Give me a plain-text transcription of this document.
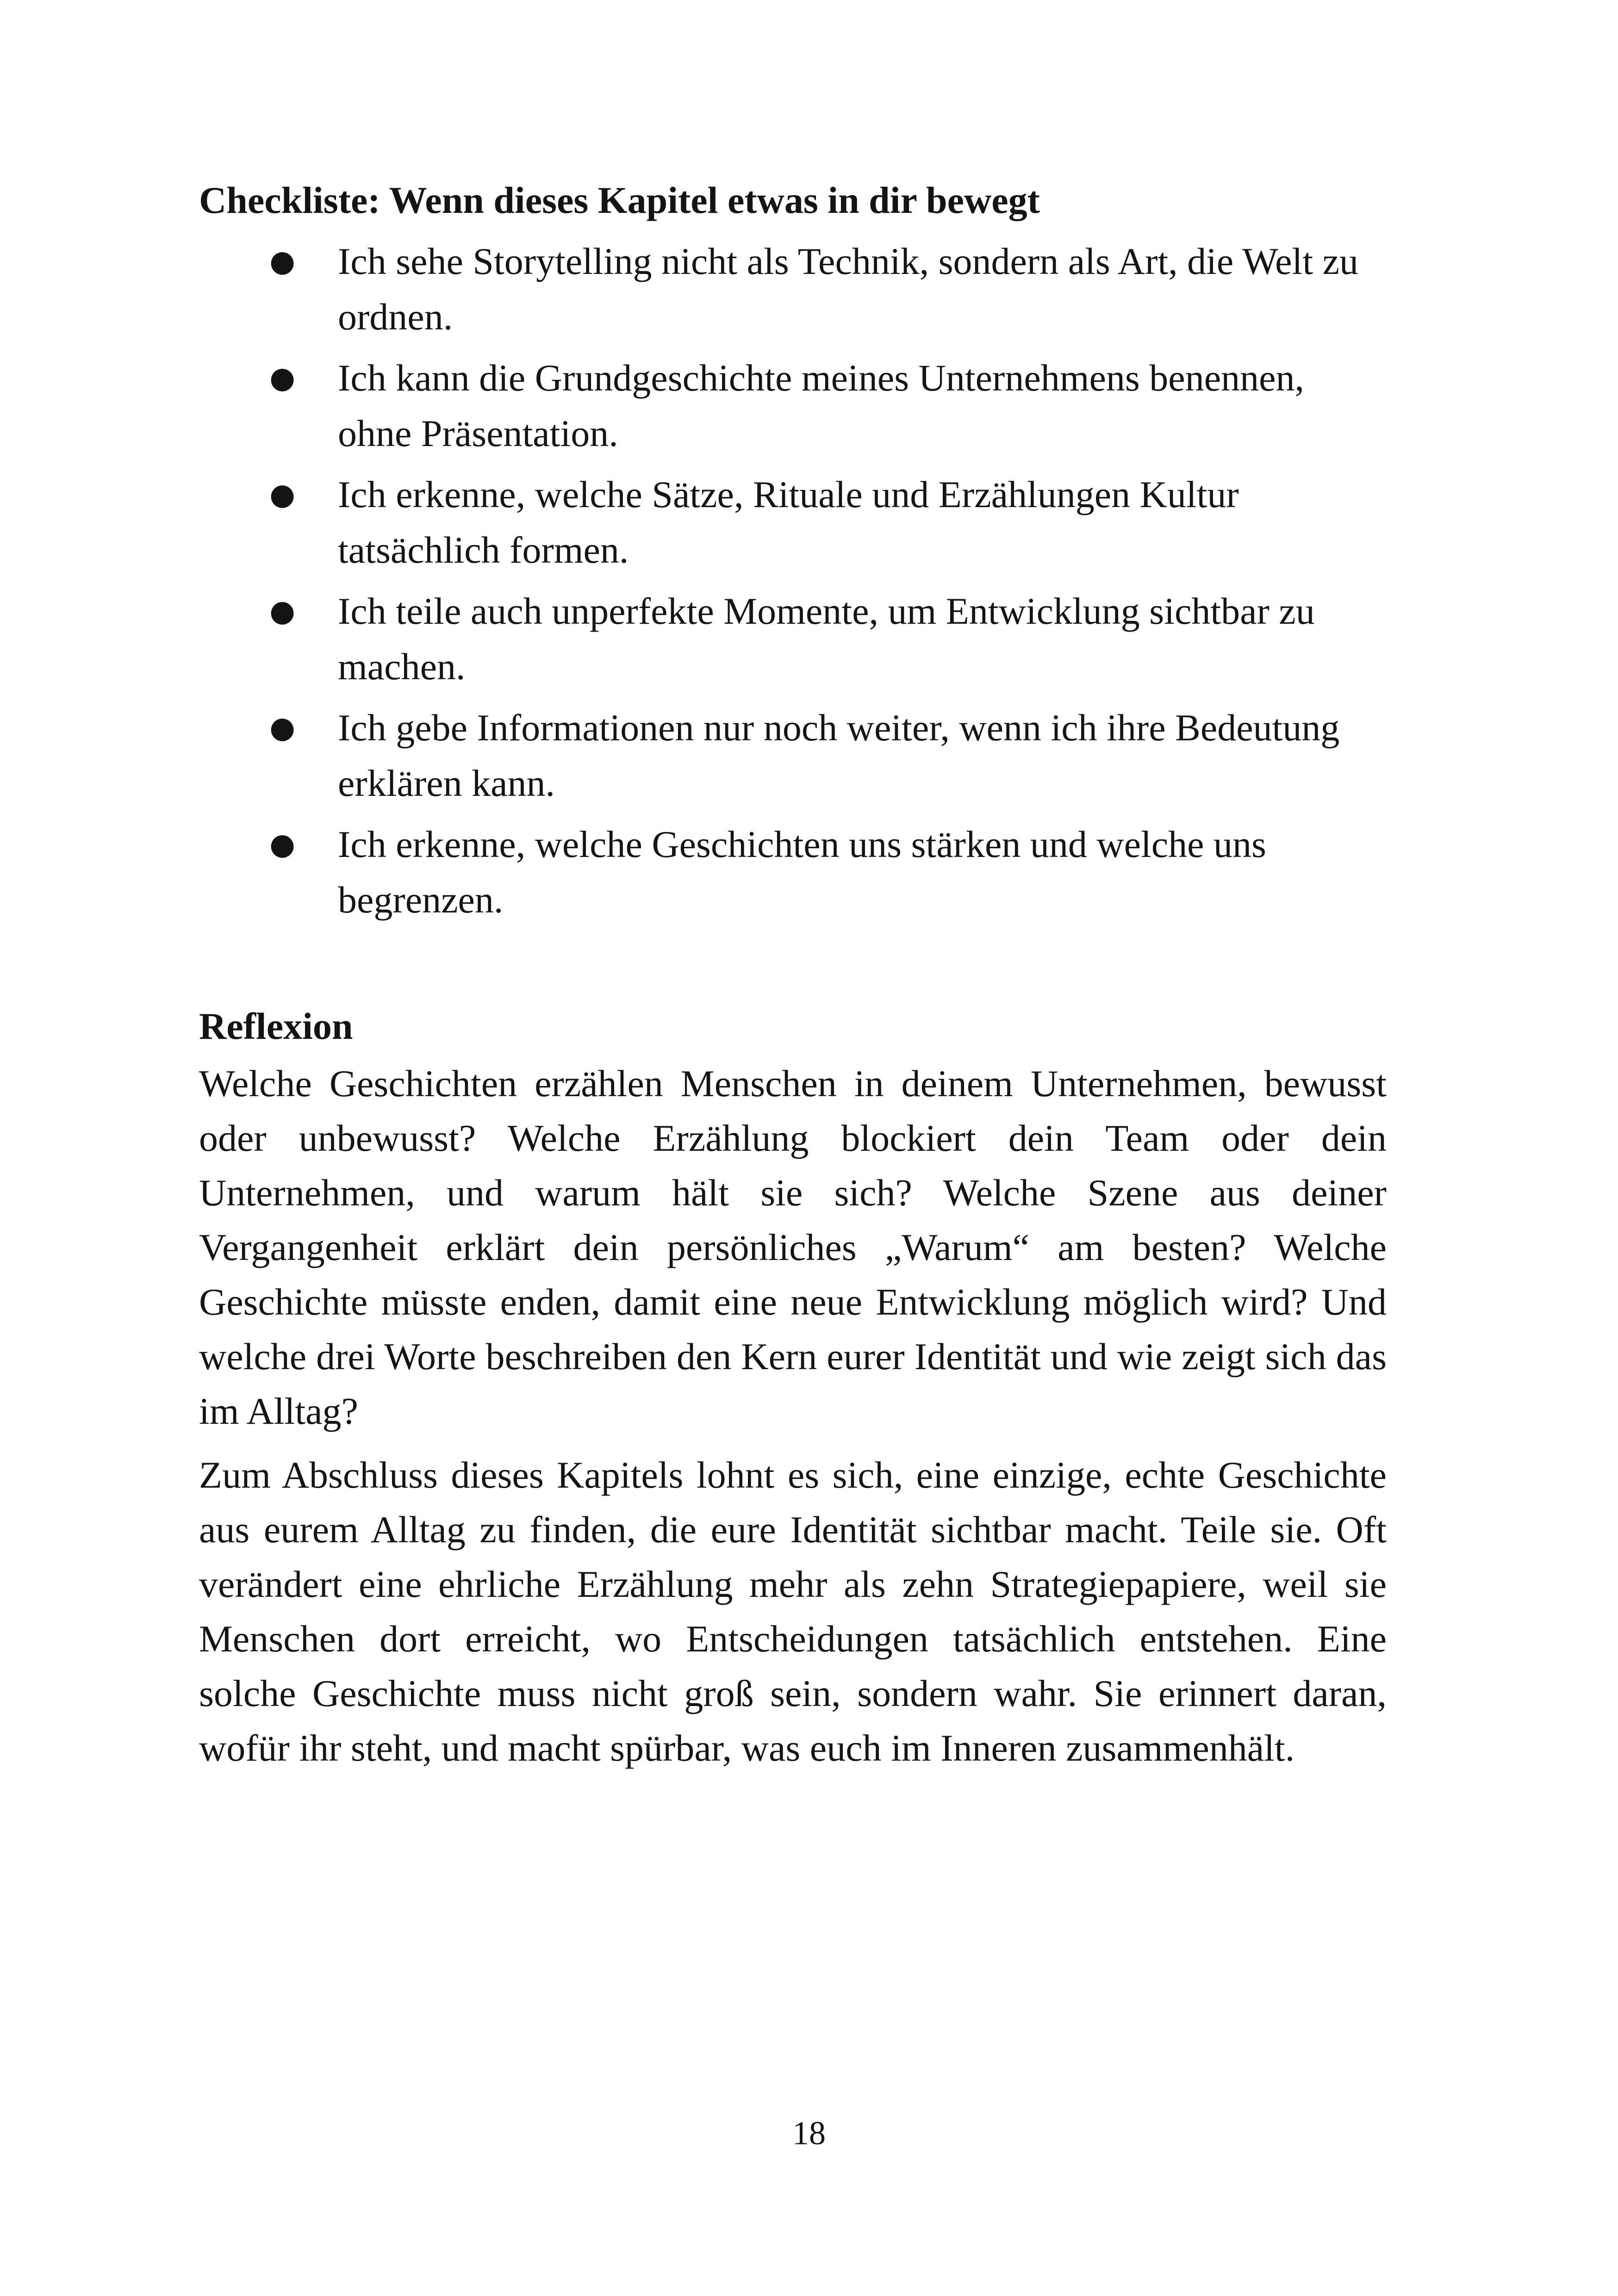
Checkliste: Wenn dieses Kapitel etwas in dir bewegt
● Ich sehe Storytelling nicht als Technik, sondern als Art, die Welt zu ordnen.
● Ich kann die Grundgeschichte meines Unternehmens benennen, ohne Präsentation.
● Ich erkenne, welche Sätze, Rituale und Erzählungen Kultur tatsächlich formen.
● Ich teile auch unperfekte Momente, um Entwicklung sichtbar zu machen.
● Ich gebe Informationen nur noch weiter, wenn ich ihre Bedeutung erklären kann.
● Ich erkenne, welche Geschichten uns stärken und welche uns begrenzen.
Reflexion

Welche Geschichten erzählen Menschen in deinem Unternehmen, bewusst oder unbewusst? Welche Erzählung blockiert dein Team oder dein Unternehmen, und warum hält sie sich? Welche Szene aus deiner Vergangenheit erklärt dein persönliches „Warum“ am besten? Welche Geschichte müsste enden, damit eine neue Entwicklung möglich wird? Und welche drei Worte beschreiben den Kern eurer Identität und wie zeigt sich das im Alltag?

Zum Abschluss dieses Kapitels lohnt es sich, eine einzige, echte Geschichte aus eurem Alltag zu finden, die eure Identität sichtbar macht. Teile sie. Oft verändert eine ehrliche Erzählung mehr als zehn Strategiepapiere, weil sie Menschen dort erreicht, wo Entscheidungen tatsächlich entstehen. Eine solche Geschichte muss nicht groß sein, sondern wahr. Sie erinnert daran, wofür ihr steht, und macht spürbar, was euch im Inneren zusammenhält.

18
